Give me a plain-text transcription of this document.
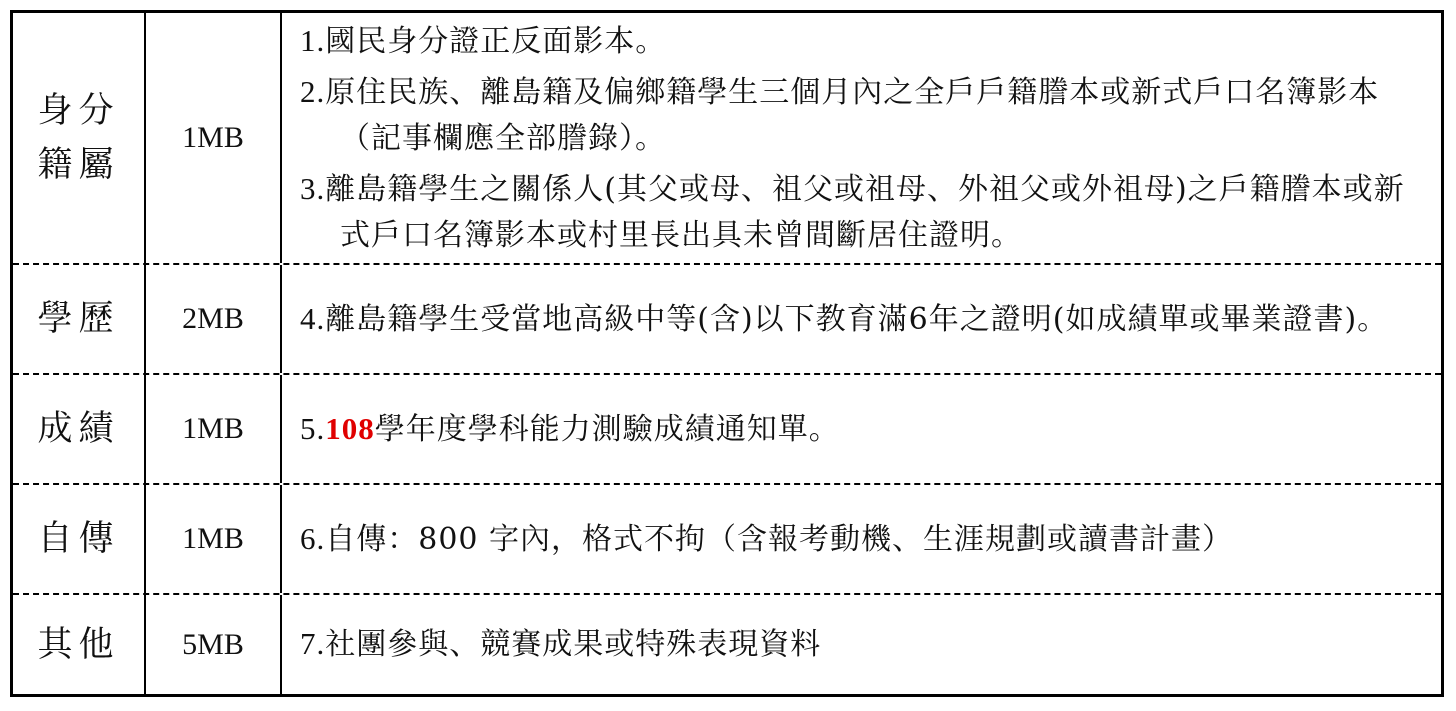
身分籍屬
1MB
1.國民身分證正反面影本。
2.原住民族、離島籍及偏鄉籍學生三個月內之全戶戶籍謄本或新式戶口名簿影本（記事欄應全部謄錄）。
3.離島籍學生之關係人(其父或母、祖父或祖母、外祖父或外祖母)之戶籍謄本或新式戶口名簿影本或村里長出具未曾間斷居住證明。
學歷 2MB 4.離島籍學生受當地高級中等(含)以下教育滿6年之證明(如成績單或畢業證書)。
成績 1MB 5.108學年度學科能力測驗成績通知單。
自傳 1MB 6.自傳：800 字內，格式不拘（含報考動機、生涯規劃或讀書計畫）
其他 5MB 7.社團參與、競賽成果或特殊表現資料
